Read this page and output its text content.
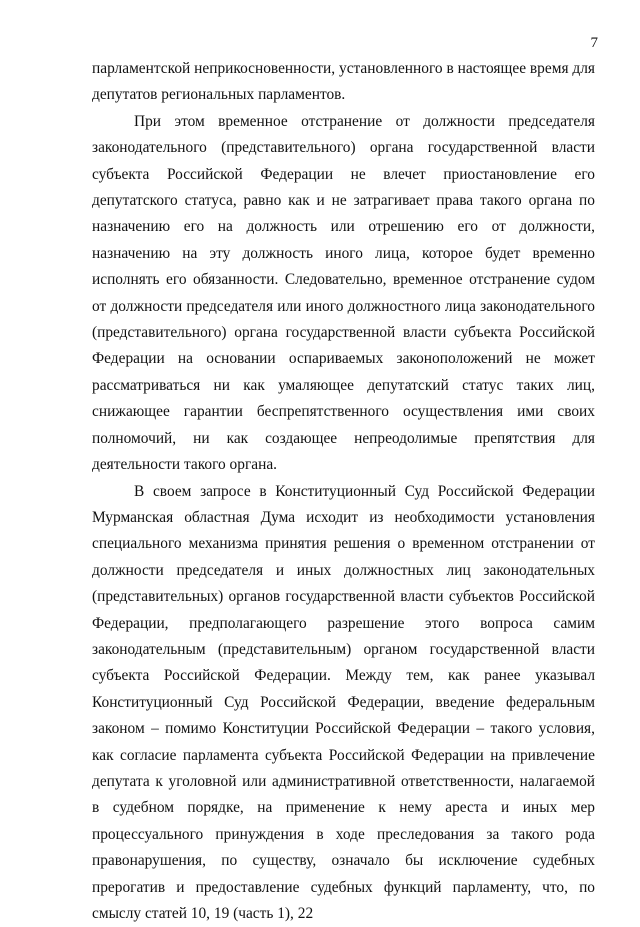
7

парламентской неприкосновенности, установленного в настоящее время для депутатов региональных парламентов.

При этом временное отстранение от должности председателя законодательного (представительного) органа государственной власти субъекта Российской Федерации не влечет приостановление его депутатского статуса, равно как и не затрагивает права такого органа по назначению его на должность или отрешению его от должности, назначению на эту должность иного лица, которое будет временно исполнять его обязанности. Следовательно, временное отстранение судом от должности председателя или иного должностного лица законодательного (представительного) органа государственной власти субъекта Российской Федерации на основании оспариваемых законоположений не может рассматриваться ни как умаляющее депутатский статус таких лиц, снижающее гарантии беспрепятственного осуществления ими своих полномочий, ни как создающее непреодолимые препятствия для деятельности такого органа.

В своем запросе в Конституционный Суд Российской Федерации Мурманская областная Дума исходит из необходимости установления специального механизма принятия решения о временном отстранении от должности председателя и иных должностных лиц законодательных (представительных) органов государственной власти субъектов Российской Федерации, предполагающего разрешение этого вопроса самим законодательным (представительным) органом государственной власти субъекта Российской Федерации. Между тем, как ранее указывал Конституционный Суд Российской Федерации, введение федеральным законом – помимо Конституции Российской Федерации – такого условия, как согласие парламента субъекта Российской Федерации на привлечение депутата к уголовной или административной ответственности, налагаемой в судебном порядке, на применение к нему ареста и иных мер процессуального принуждения в ходе преследования за такого рода правонарушения, по существу, означало бы исключение судебных прерогатив и предоставление судебных функций парламенту, что, по смыслу статей 10, 19 (часть 1), 22
